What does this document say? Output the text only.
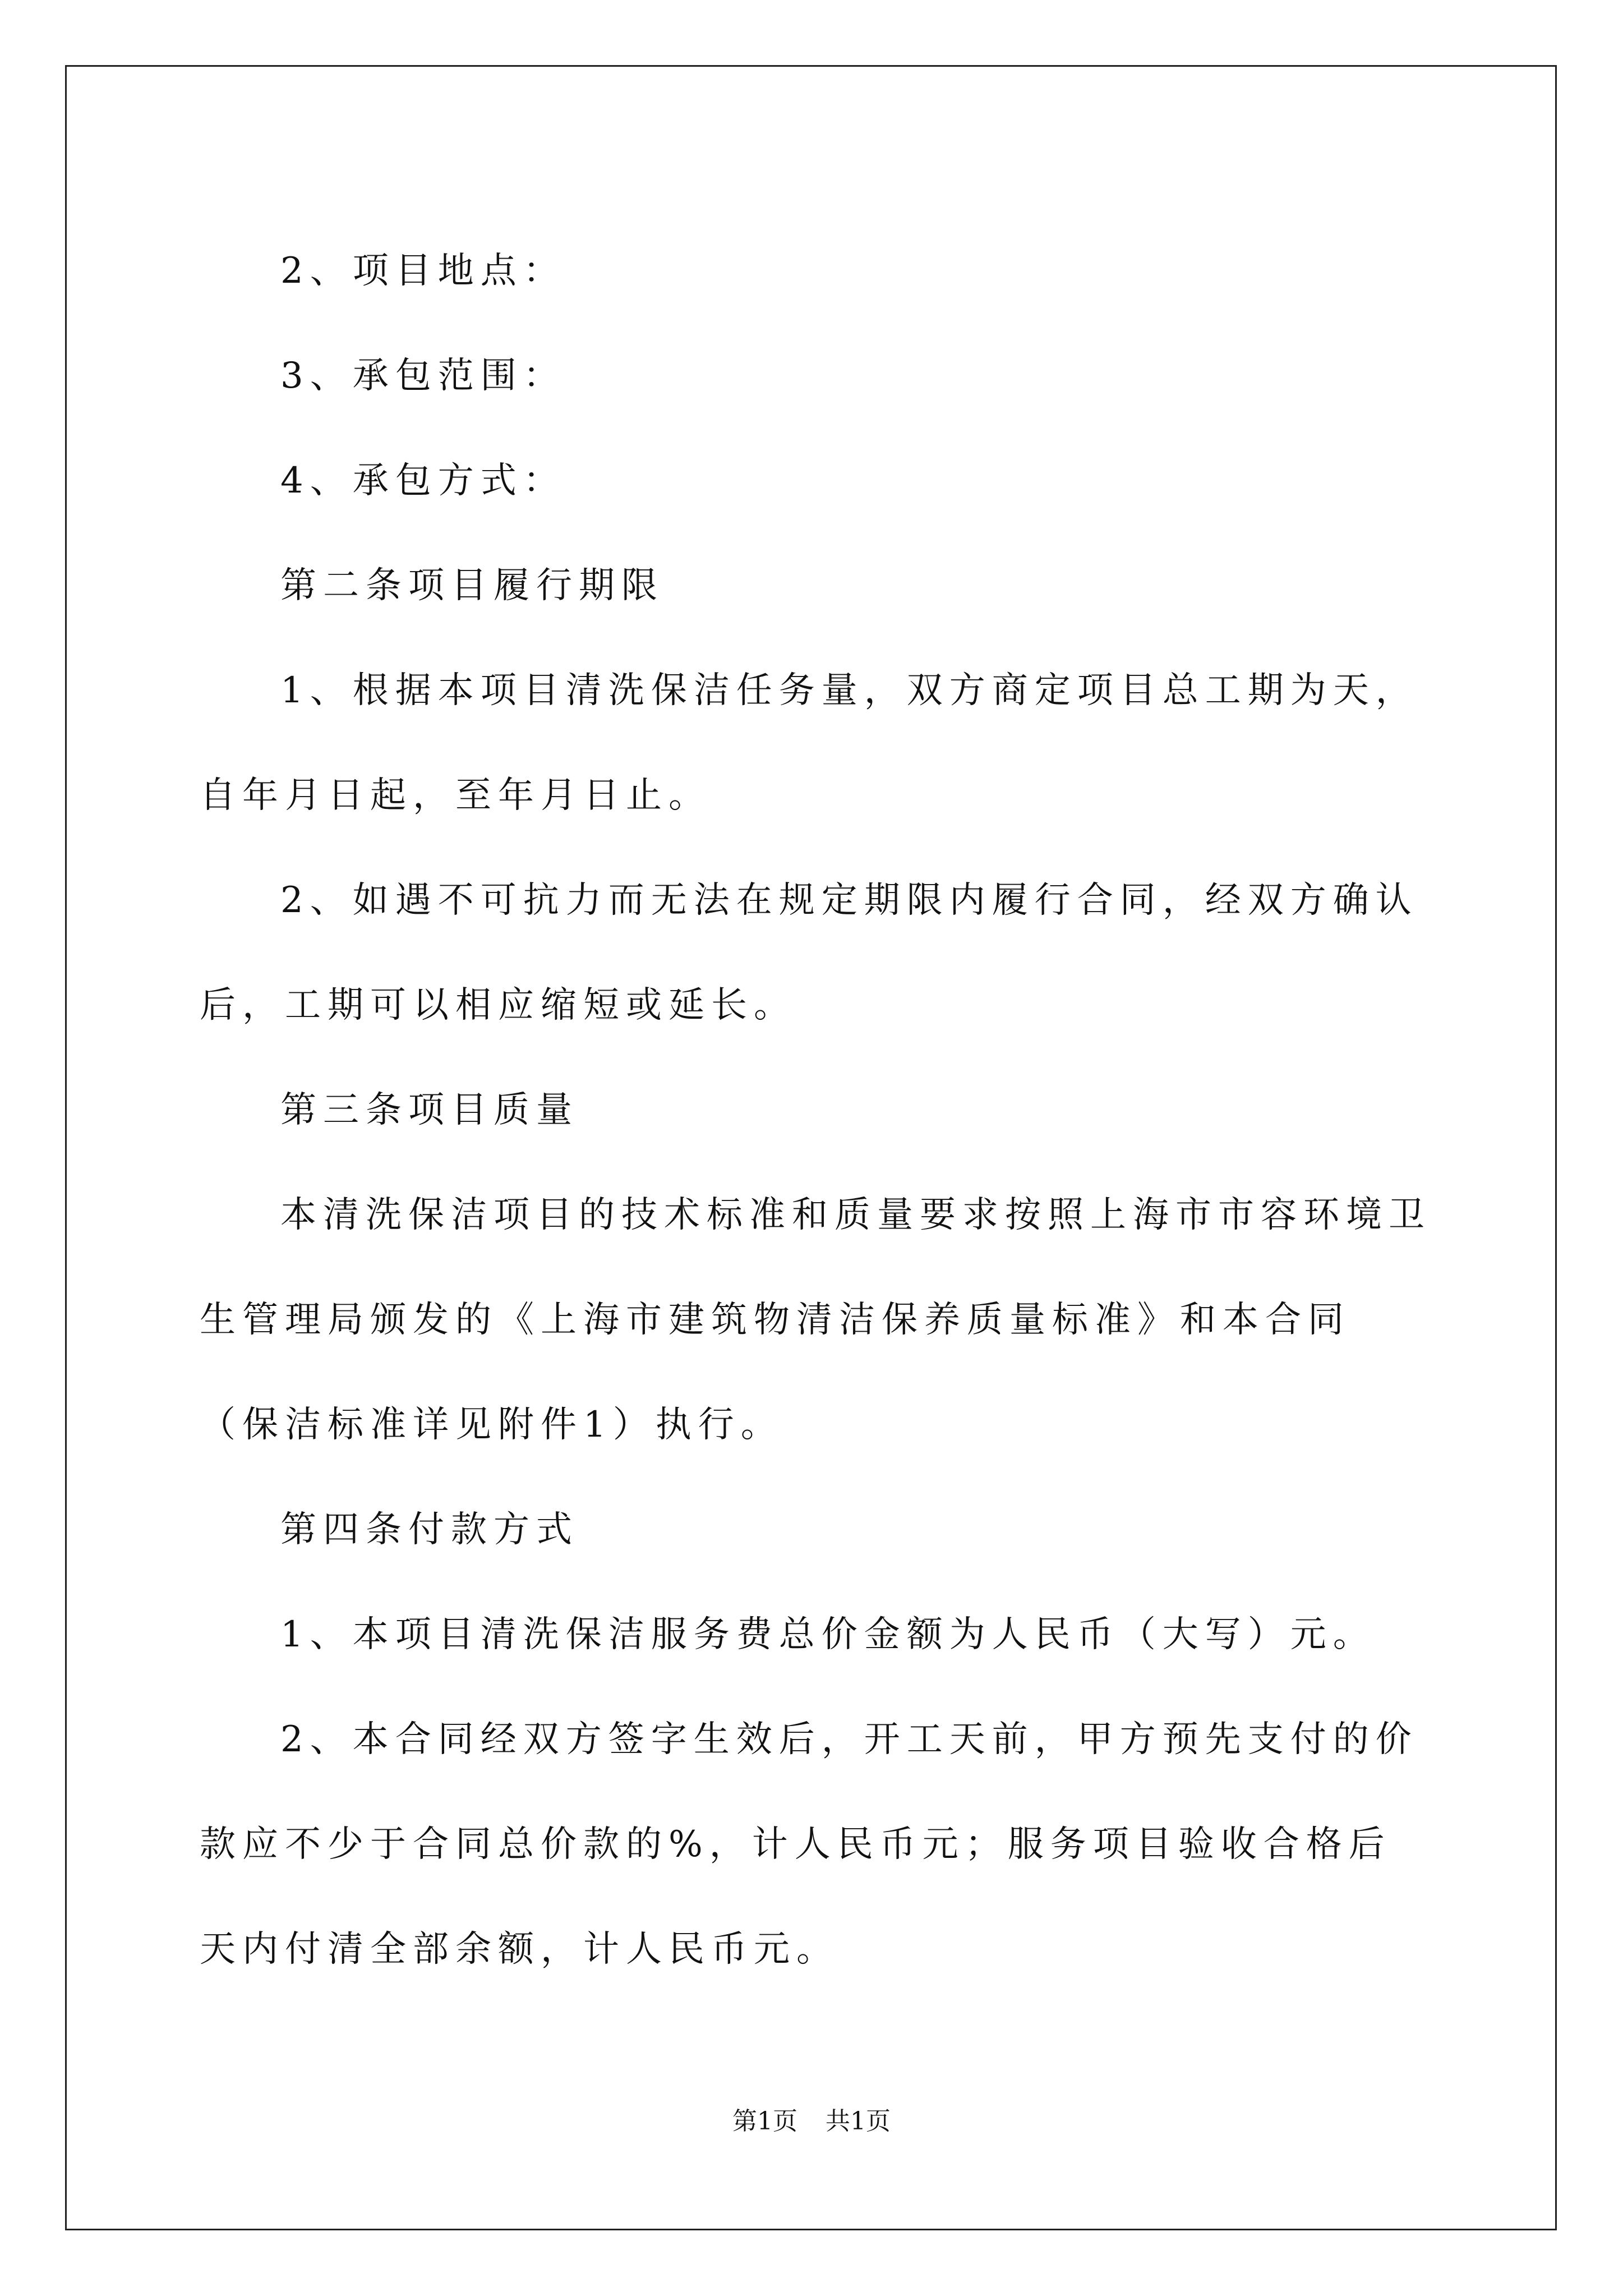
2、项目地点：

3、承包范围：

4、承包方式：

第二条项目履行期限

1、根据本项目清洗保洁任务量，双方商定项目总工期为天，自年月日起，至年月日止。

2、如遇不可抗力而无法在规定期限内履行合同，经双方确认后，工期可以相应缩短或延长。

第三条项目质量

本清洗保洁项目的技术标准和质量要求按照上海市市容环境卫生管理局颁发的《上海市建筑物清洁保养质量标准》和本合同（保洁标准详见附件1）执行。

第四条付款方式

1、本项目清洗保洁服务费总价金额为人民币（大写）元。

2、本合同经双方签字生效后，开工天前，甲方预先支付的价款应不少于合同总价款的%，计人民币元；服务项目验收合格后天内付清全部余额，计人民币元。

第1页 共1页
